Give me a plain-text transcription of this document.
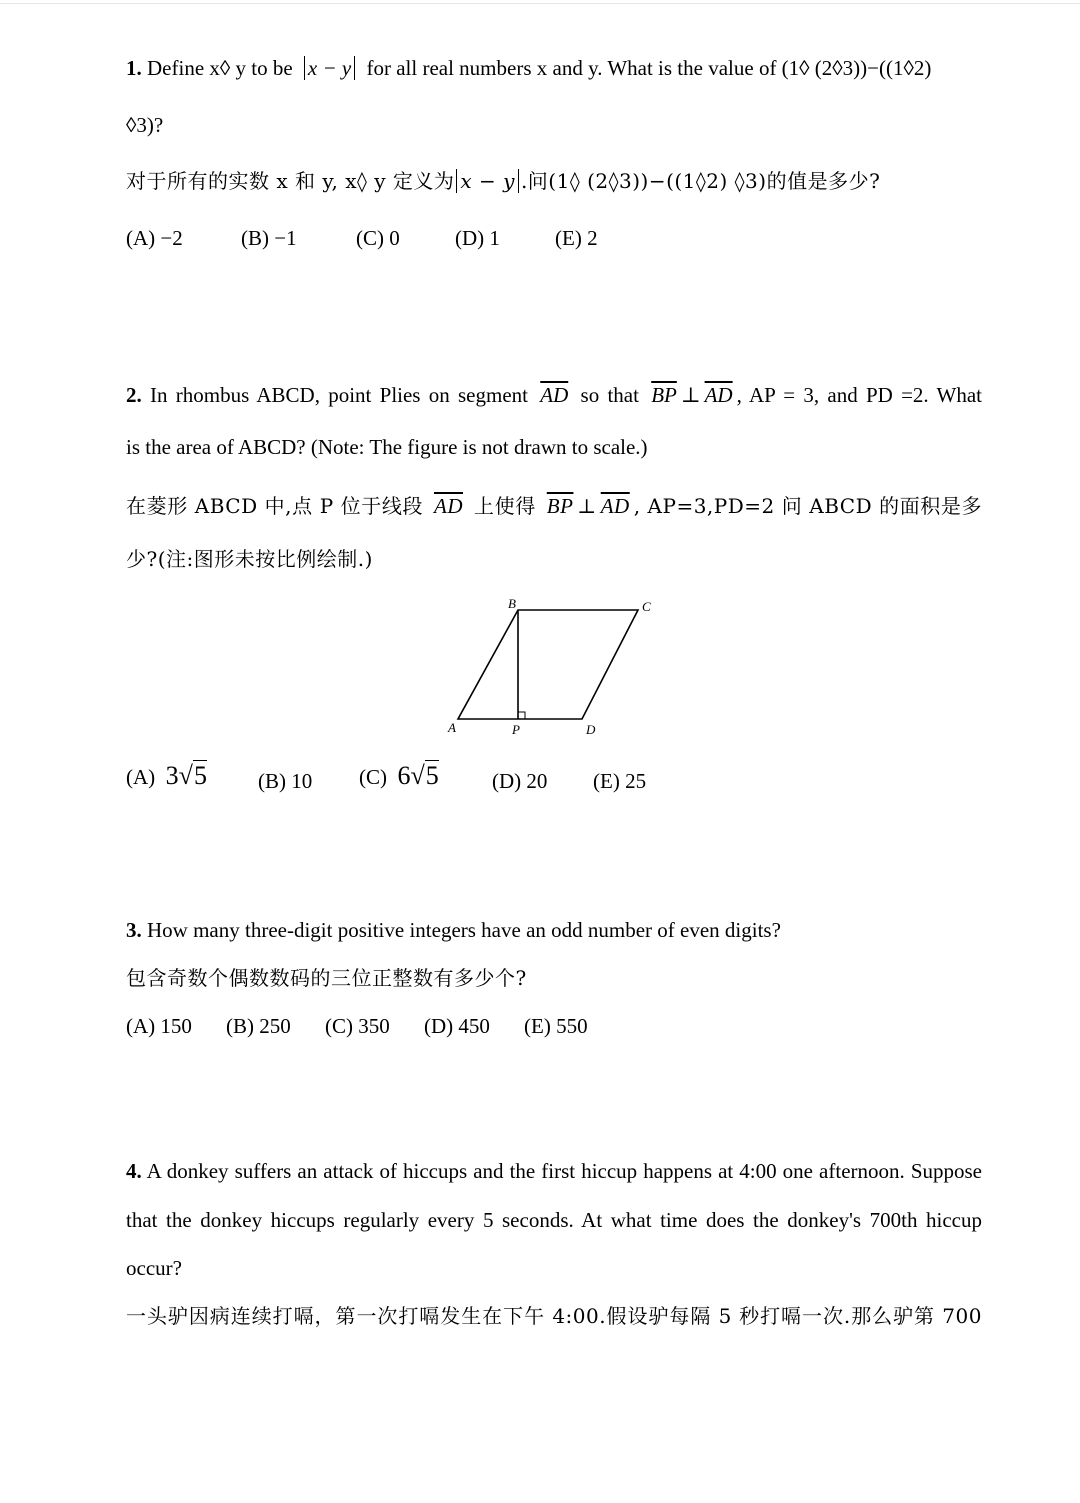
1. Define x◊ y to be x − y for all real numbers x and y. What is the value of (1◊ (2◊3))−((1◊2)
◊3)?
对于所有的实数 x 和 y, x◊ y 定义为 x − y .问(1◊ (2◊3))−((1◊2) ◊3)的值是多少?
(A) −2	(B) −1	(C) 0	(D) 1	(E) 2
2. In rhombus ABCD, point Plies on segment $\overline{AD}$ so that $\overline{BP}$ ⊥ $\overline{AD}$ , AP = 3, and PD =2. What
is the area of ABCD? (Note: The figure is not drawn to scale.)
在菱形 ABCD 中,点 P 位于线段 $\overline{AD}$ 上使得 $\overline{BP}$ ⊥ $\overline{AD}$ , AP=3,PD=2 问 ABCD 的面积是多
少?(注:图形未按比例绘制.)
B	C
A	P	D
(A) 3√5 (B) 10 (C) 6√5	(D) 20 (E) 25
3. How many three-digit positive integers have an odd number of even digits?
包含奇数个偶数数码的三位正整数有多少个?
(A) 150 (B) 250 (C) 350 (D) 450 (E) 550
4. A donkey suffers an attack of hiccups and the first hiccup happens at 4:00 one afternoon. Suppose
that the donkey hiccups regularly every 5 seconds. At what time does the donkey's 700th hiccup
occur?
一头驴因病连续打嗝，第一次打嗝发生在下午 4:00.假设驴每隔 5 秒打嗝一次.那么驴第 700
